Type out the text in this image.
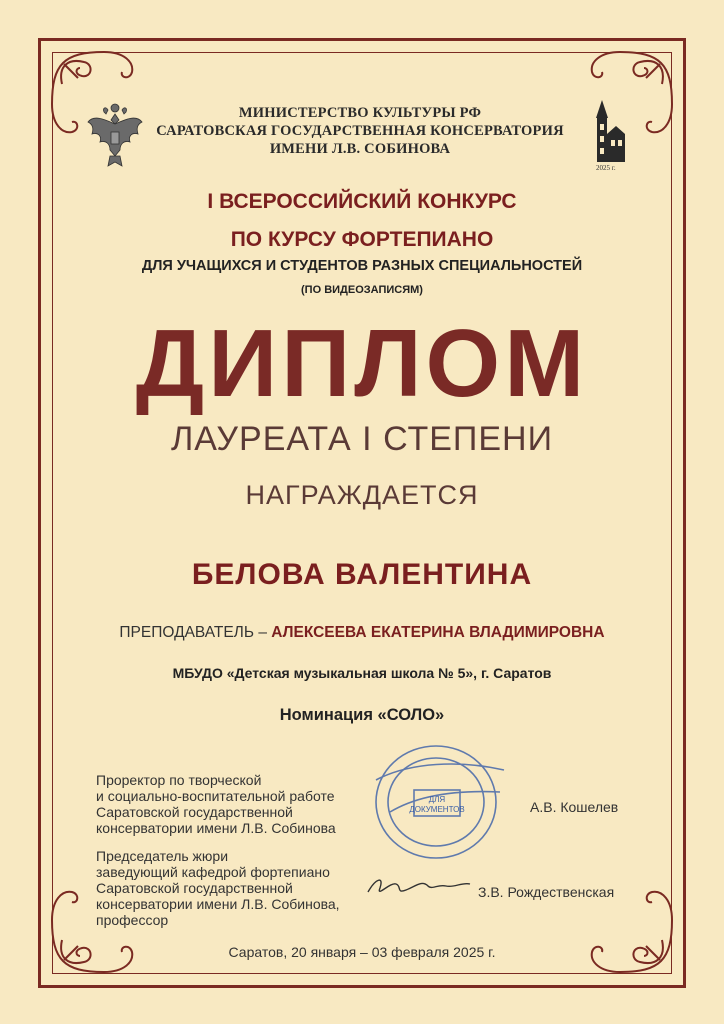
МИНИСТЕРСТВО КУЛЬТУРЫ РФ
САРАТОВСКАЯ ГОСУДАРСТВЕННАЯ КОНСЕРВАТОРИЯ
ИМЕНИ Л.В. СОБИНОВА
2025 г.
I ВСЕРОССИЙСКИЙ КОНКУРС
ПО КУРСУ ФОРТЕПИАНО
ДЛЯ УЧАЩИХСЯ И СТУДЕНТОВ РАЗНЫХ СПЕЦИАЛЬНОСТЕЙ
(ПО ВИДЕОЗАПИСЯМ)
ДИПЛОМ
ЛАУРЕАТА I СТЕПЕНИ
НАГРАЖДАЕТСЯ
БЕЛОВА ВАЛЕНТИНА
ПРЕПОДАВАТЕЛЬ – АЛЕКСЕЕВА ЕКАТЕРИНА ВЛАДИМИРОВНА
МБУДО «Детская музыкальная школа № 5», г. Саратов
Номинация «СОЛО»
ДЛЯ
ДОКУМЕНТОВ
Проректор по творческой
и социально-воспитательной работе
Саратовской государственной
консерватории имени Л.В. Собинова
А.В. Кошелев
Председатель жюри
заведующий кафедрой фортепиано
Саратовской государственной
консерватории имени Л.В. Собинова,
профессор
З.В. Рождественская
Саратов, 20 января – 03 февраля 2025 г.
